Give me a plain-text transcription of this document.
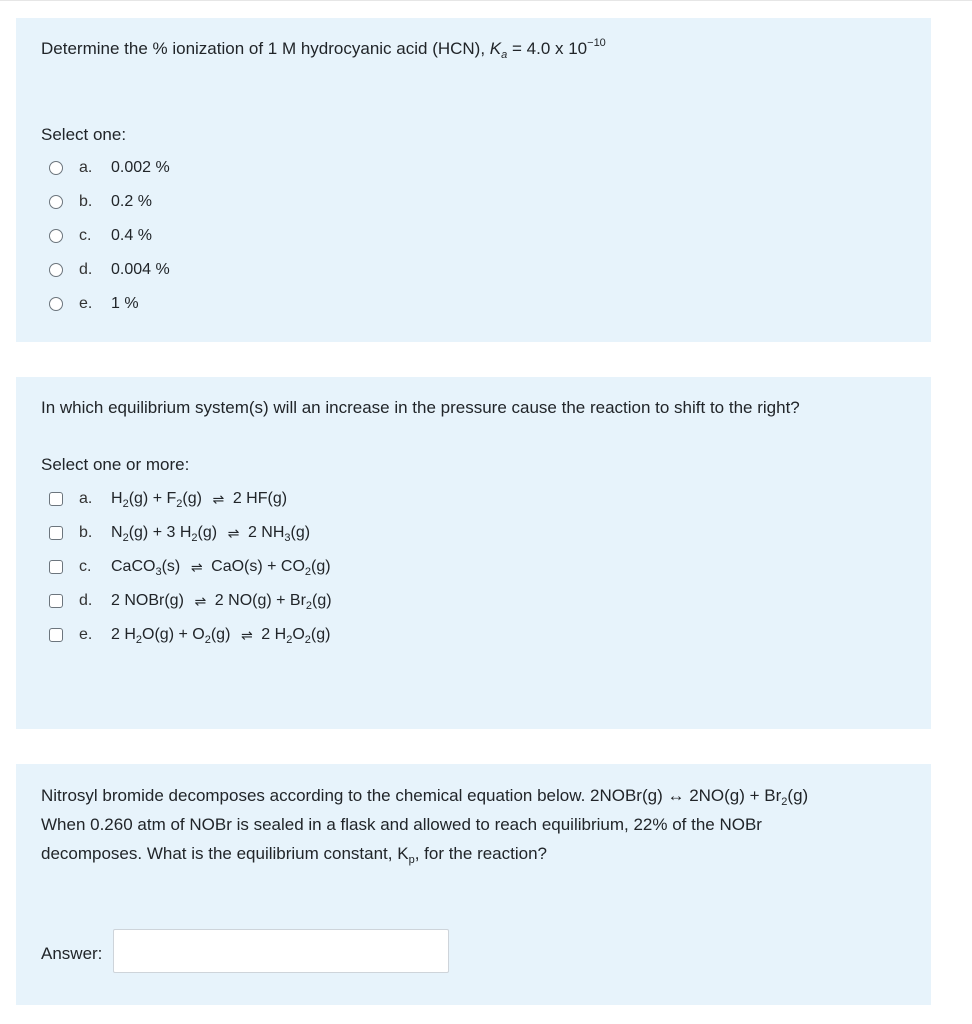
Determine the % ionization of 1 M hydrocyanic acid (HCN), $K_a = 4.0$ x $10^{-10}$
Select one:
a.	0.002 %
b.	0.2 %
c.	0.4 %
d.	0.004 %
e.	1 %
In which equilibrium system(s) will an increase in the pressure cause the reaction to shift to the right?
Select one or more:
a.	$H_2(g) + F_2(g)$ ⇌ 2 HF(g)
b.	$N_2(g) + 3$ $H_2(g)$ ⇌ 2 $NH_3(g)$
c.	CaCO$_3$(s) ⇌ $CaO(s) + CO_2(g)$
d.	2 NOBr(g) ⇌ 2 $NO(g) + Br_2(g)$
e.	2 $H_2O(g) + O_2(g)$ ⇌ 2 $H_2O_2(g)$
Nitrosyl bromide decomposes according to the chemical equation below. 2NOBr(g) ↔ $2NO(g) + Br_2(g)$
When 0.260 atm of NOBr is sealed in a flask and allowed to reach equilibrium, 22% of the NOBr
decomposes. What is the equilibrium constant, $K_p$, for the reaction?
Answer:
